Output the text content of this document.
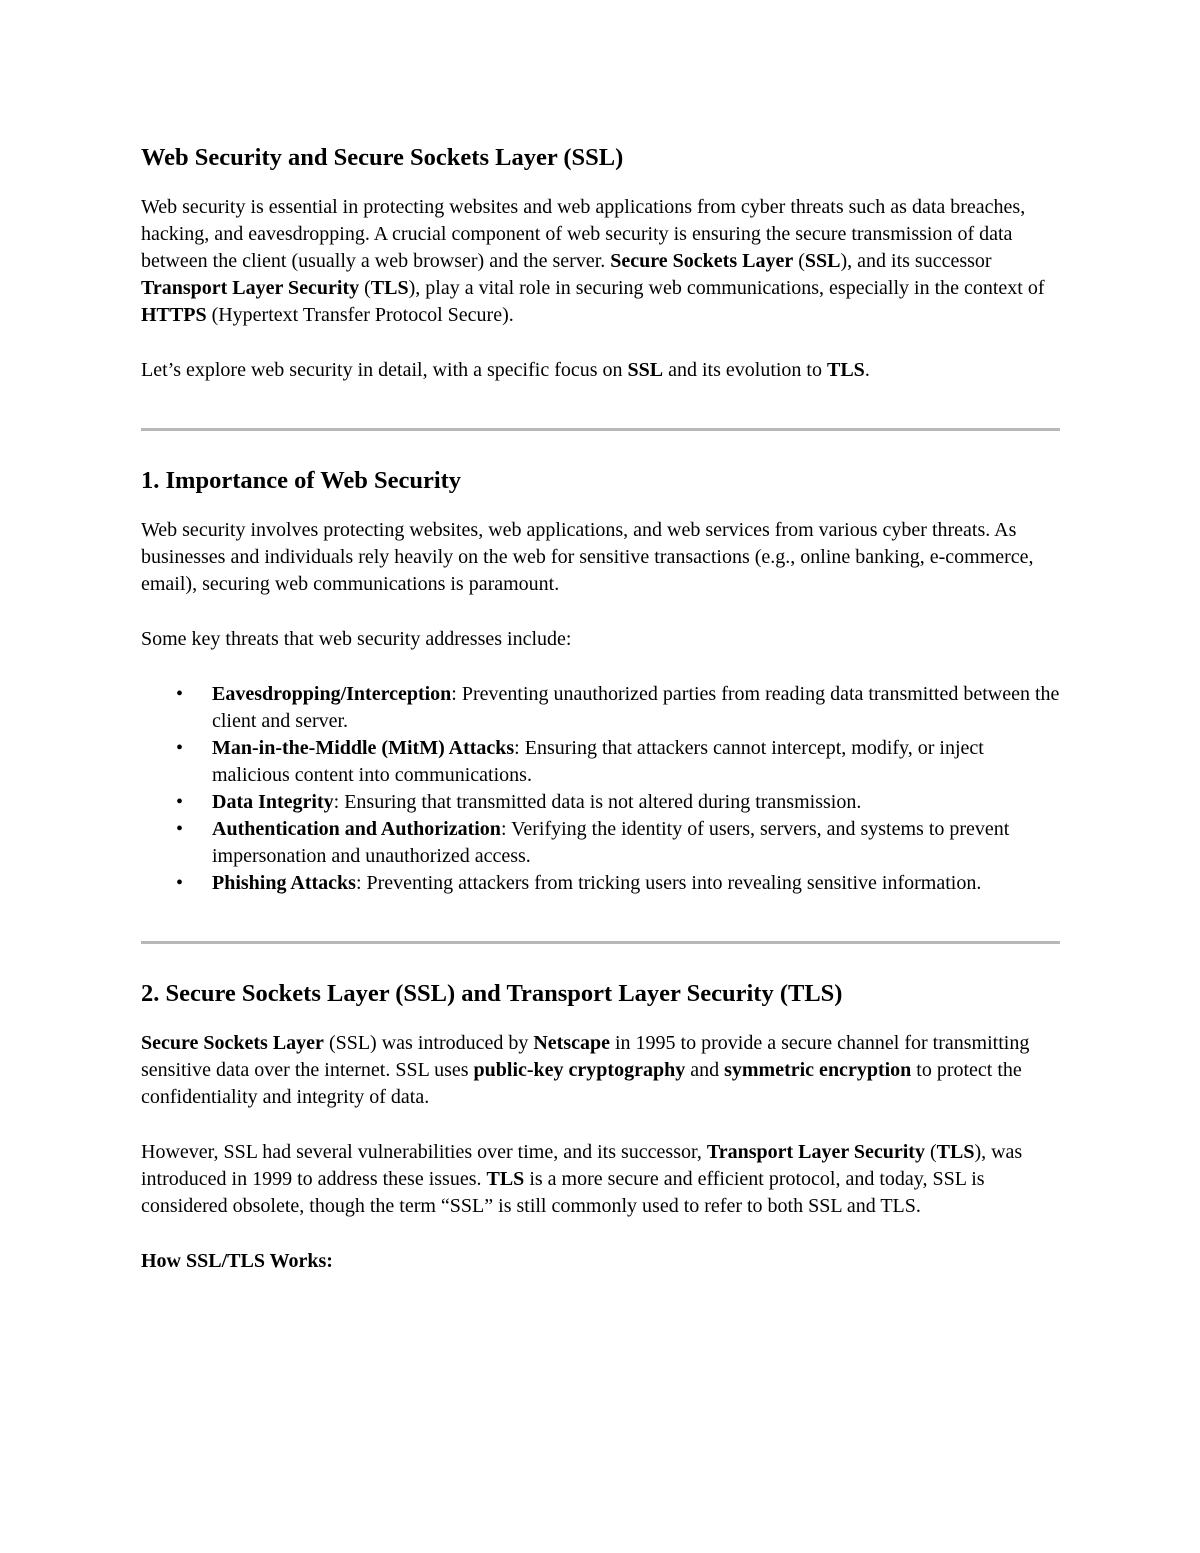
Web Security and Secure Sockets Layer (SSL)

Web security is essential in protecting websites and web applications from cyber threats such as data breaches, hacking, and eavesdropping. A crucial component of web security is ensuring the secure transmission of data between the client (usually a web browser) and the server. Secure Sockets Layer (SSL), and its successor Transport Layer Security (TLS), play a vital role in securing web communications, especially in the context of HTTPS (Hypertext Transfer Protocol Secure).

Let’s explore web security in detail, with a specific focus on SSL and its evolution to TLS.

1. Importance of Web Security

Web security involves protecting websites, web applications, and web services from various cyber threats. As businesses and individuals rely heavily on the web for sensitive transactions (e.g., online banking, e-commerce, email), securing web communications is paramount.

Some key threats that web security addresses include:

• Eavesdropping/Interception: Preventing unauthorized parties from reading data transmitted between the client and server.
• Man-in-the-Middle (MitM) Attacks: Ensuring that attackers cannot intercept, modify, or inject malicious content into communications.
• Data Integrity: Ensuring that transmitted data is not altered during transmission.
• Authentication and Authorization: Verifying the identity of users, servers, and systems to prevent impersonation and unauthorized access.
• Phishing Attacks: Preventing attackers from tricking users into revealing sensitive information.
2. Secure Sockets Layer (SSL) and Transport Layer Security (TLS)

Secure Sockets Layer (SSL) was introduced by Netscape in 1995 to provide a secure channel for transmitting sensitive data over the internet. SSL uses public-key cryptography and symmetric encryption to protect the confidentiality and integrity of data.

However, SSL had several vulnerabilities over time, and its successor, Transport Layer Security (TLS), was introduced in 1999 to address these issues. TLS is a more secure and efficient protocol, and today, SSL is considered obsolete, though the term “SSL” is still commonly used to refer to both SSL and TLS.

How SSL/TLS Works:
